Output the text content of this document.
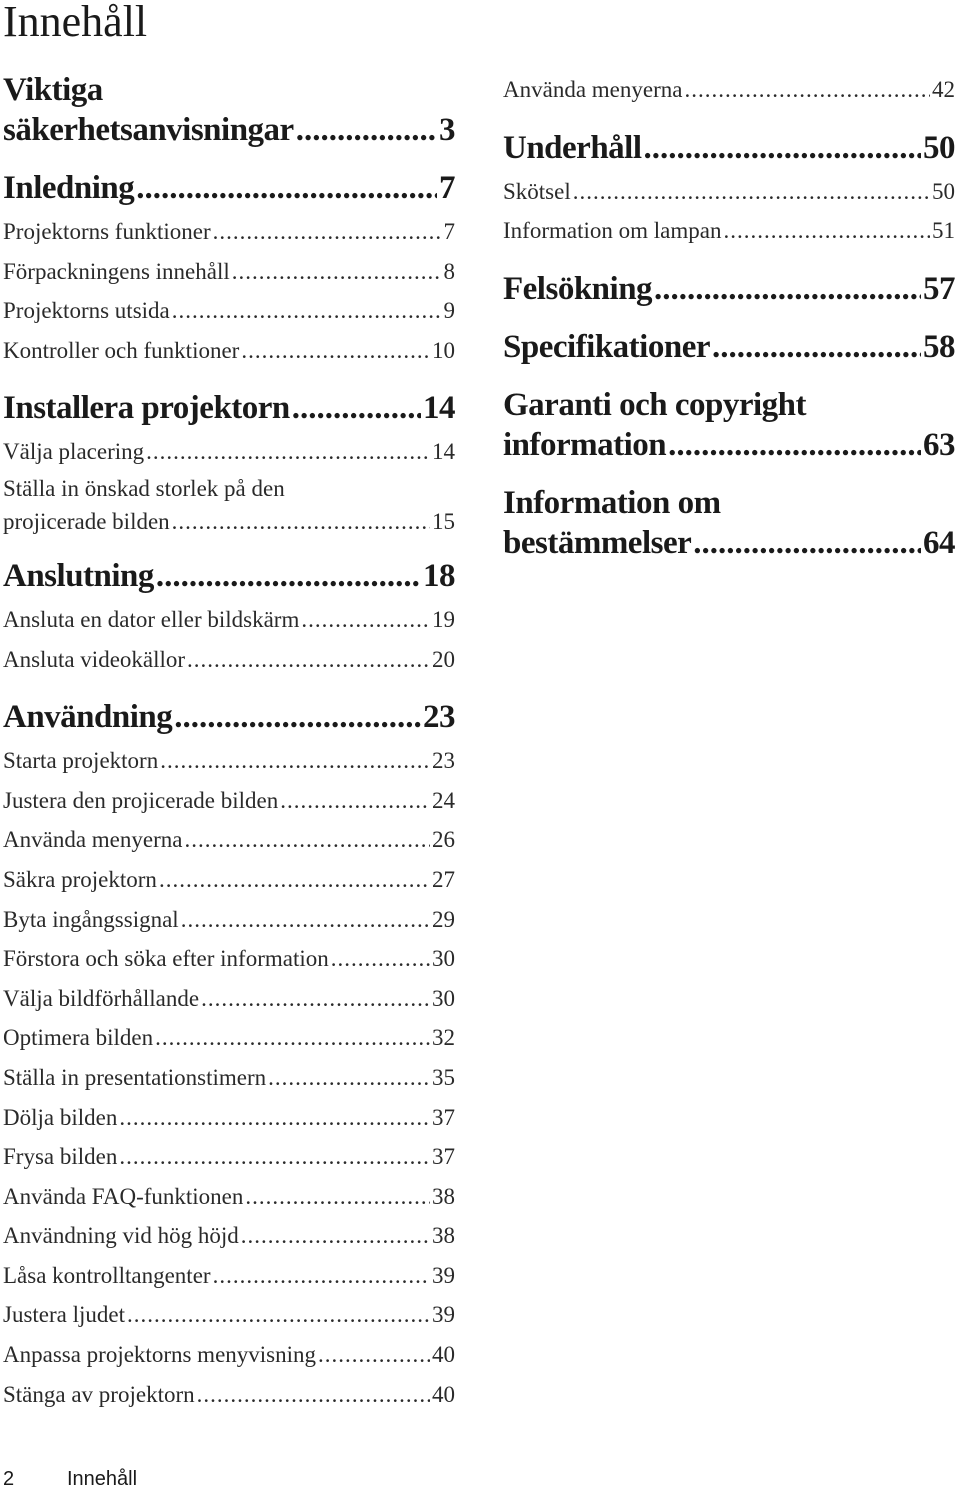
Innehåll
Viktiga
säkerhetsanvisningar .....	3
Inledning .....	7
Projektorns funktioner .....	7
Förpackningens innehåll .....	8
Projektorns utsida .....	9
Kontroller och funktioner .....	10
Installera projektorn .....	14
Välja placering .....	14
Ställa in önskad storlek på den
projicerade bilden .....	15
Anslutning .....	18
Ansluta en dator eller bildskärm .....	19
Ansluta videokällor .....	20
Användning .....	23
Starta projektorn .....	23
Justera den projicerade bilden .....	24
Använda menyerna .....	26
Säkra projektorn .....	27
Byta ingångssignal .....	29
Förstora och söka efter information .....	30
Välja bildförhållande .....	30
Optimera bilden .....	32
Ställa in presentationstimern .....	35
Dölja bilden .....	37
Frysa bilden .....	37
Använda FAQ-funktionen .....	38
Användning vid hög höjd .....	38
Låsa kontrolltangenter .....	39
Justera ljudet .....	39
Anpassa projektorns menyvisning .....	40
Stänga av projektorn .....	40
Använda menyerna .....	42
Underhåll .....	50
Skötsel .....	50
Information om lampan .....	51
Felsökning .....	57
Specifikationer .....	58
Garanti och copyright
information .....	63
Information om
bestämmelser .....	64
2	Innehåll
